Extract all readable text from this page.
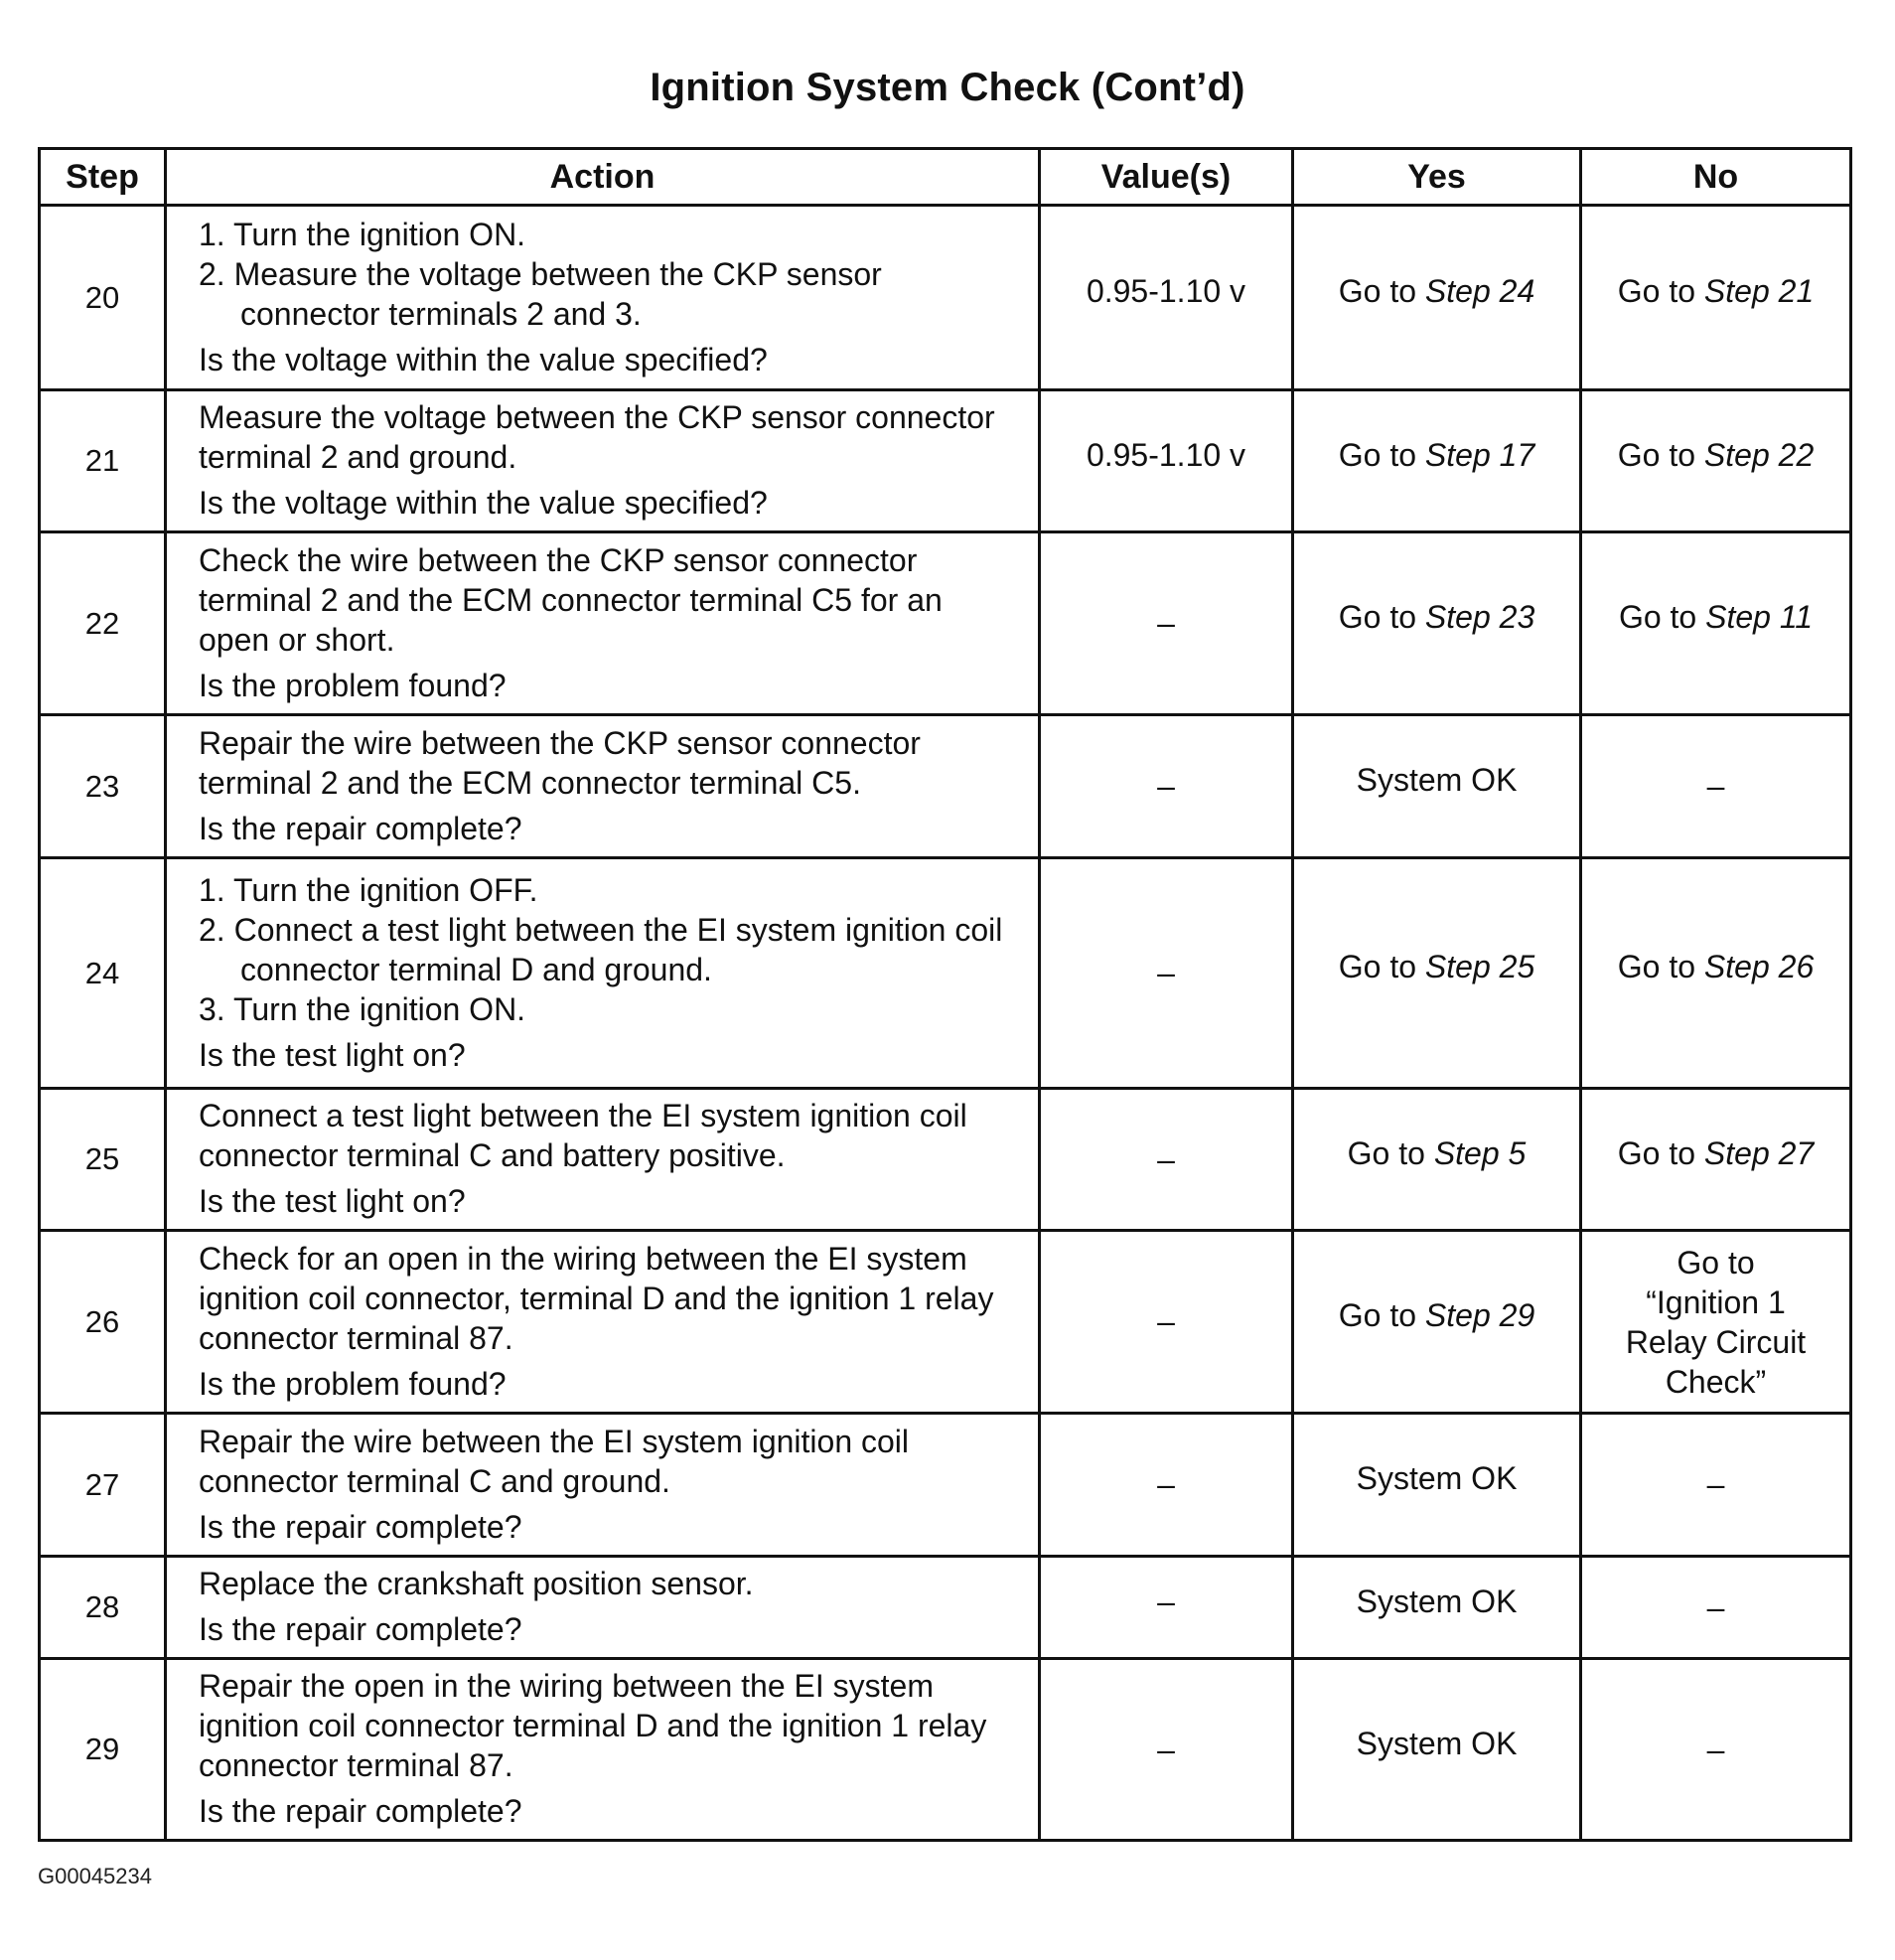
Ignition System Check (Cont’d)
Step	Action	Value(s)	Yes	No
20	1. Turn the ignition ON.
2. Measure the voltage between the CKP sensor connector terminals 2 and 3.
Is the voltage within the value specified?	0.95-1.10 v	Go to Step 24	Go to Step 21

21	Measure the voltage between the CKP sensor connector terminal 2 and ground.
Is the voltage within the value specified?	0.95-1.10 v	Go to Step 17	Go to Step 22

22	Check the wire between the CKP sensor connector terminal 2 and the ECM connector terminal C5 for an open or short.
Is the problem found?	–	Go to Step 23	Go to Step 11

23	Repair the wire between the CKP sensor connector terminal 2 and the ECM connector terminal C5.
Is the repair complete?	–	System OK	–

24	1. Turn the ignition OFF.
2. Connect a test light between the EI system ignition coil connector terminal D and ground.
3. Turn the ignition ON.
Is the test light on?	–	Go to Step 25	Go to Step 26

25	Connect a test light between the EI system ignition coil connector terminal C and battery positive.
Is the test light on?	–	Go to Step 5	Go to Step 27

26	Check for an open in the wiring between the EI system ignition coil connector, terminal D and the ignition 1 relay connector terminal 87.
Is the problem found?	–	Go to Step 29	Go to “Ignition 1 Relay Circuit Check”

27	Repair the wire between the EI system ignition coil connector terminal C and ground.
Is the repair complete?	–	System OK	–

28	Replace the crankshaft position sensor.
Is the repair complete?	–	System OK	–

29	Repair the open in the wiring between the EI system ignition coil connector terminal D and the ignition 1 relay connector terminal 87.
Is the repair complete?	–	System OK	–
G00045234
